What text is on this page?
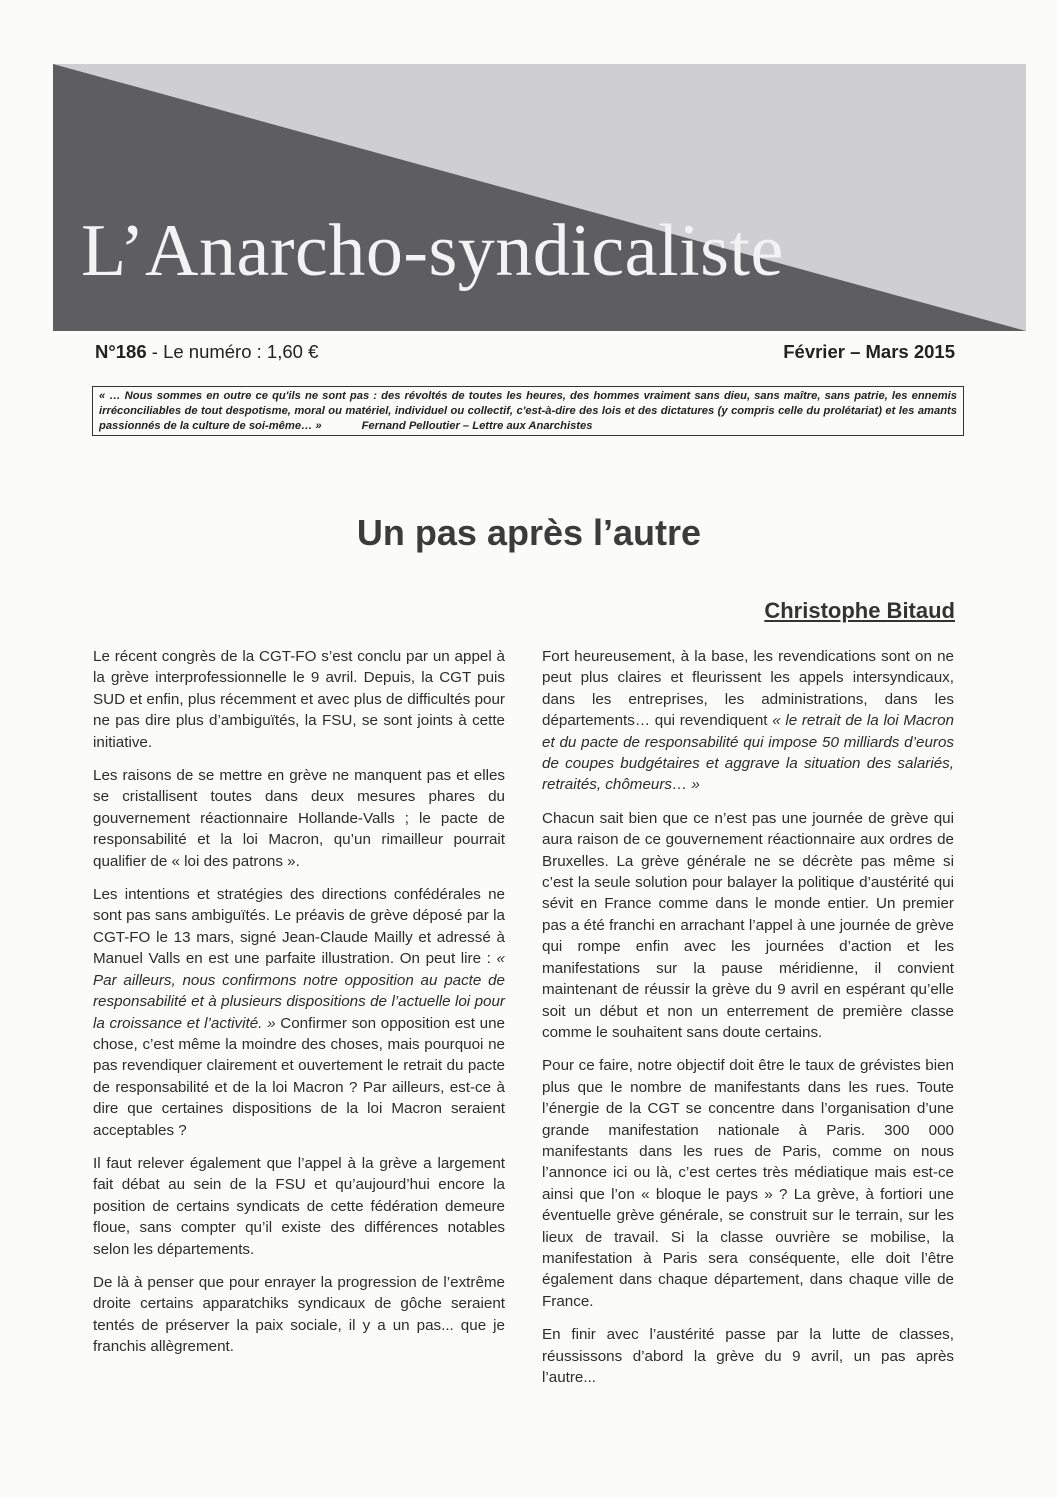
L’Anarcho-syndicaliste
N°186 - Le numéro : 1,60 €	Février – Mars 2015
« … Nous sommes en outre ce qu'ils ne sont pas : des révoltés de toutes les heures, des hommes vraiment sans dieu, sans maître, sans patrie, les ennemis irréconciliables de tout despotisme, moral ou matériel, individuel ou collectif, c'est-à-dire des lois et des dictatures (y compris celle du prolétariat) et les amants passionnés de la culture de soi-même… »	Fernand Pelloutier – Lettre aux Anarchistes
Un pas après l’autre
Christophe Bitaud

Le récent congrès de la CGT-FO s’est conclu par un appel à la grève interprofessionnelle le 9 avril. Depuis, la CGT puis SUD et enfin, plus récemment et avec plus de difficultés pour ne pas dire plus d’ambiguïtés, la FSU, se sont joints à cette initiative.

Les raisons de se mettre en grève ne manquent pas et elles se cristallisent toutes dans deux mesures phares du gouvernement réactionnaire Hollande-Valls ; le pacte de responsabilité et la loi Macron, qu’un rimailleur pourrait qualifier de « loi des patrons ».

Les intentions et stratégies des directions confédérales ne sont pas sans ambiguïtés. Le préavis de grève déposé par la CGT-FO le 13 mars, signé Jean-Claude Mailly et adressé à Manuel Valls en est une parfaite illustration. On peut lire : « Par ailleurs, nous confirmons notre opposition au pacte de responsabilité et à plusieurs dispositions de l’actuelle loi pour la croissance et l’activité. » Confirmer son opposition est une chose, c’est même la moindre des choses, mais pourquoi ne pas revendiquer clairement et ouvertement le retrait du pacte de responsabilité et de la loi Macron ? Par ailleurs, est-ce à dire que certaines dispositions de la loi Macron seraient acceptables ?

Il faut relever également que l’appel à la grève a largement fait débat au sein de la FSU et qu’aujourd’hui encore la position de certains syndicats de cette fédération demeure floue, sans compter qu’il existe des différences notables selon les départements.

De là à penser que pour enrayer la progression de l’extrême droite certains apparatchiks syndicaux de gôche seraient tentés de préserver la paix sociale, il y a un pas... que je franchis allègrement.

Fort heureusement, à la base, les revendications sont on ne peut plus claires et fleurissent les appels intersyndicaux, dans les entreprises, les administrations, dans les départements… qui revendiquent « le retrait de la loi Macron et du pacte de responsabilité qui impose 50 milliards d’euros de coupes budgétaires et aggrave la situation des salariés, retraités, chômeurs… »

Chacun sait bien que ce n’est pas une journée de grève qui aura raison de ce gouvernement réactionnaire aux ordres de Bruxelles. La grève générale ne se décrète pas même si c’est la seule solution pour balayer la politique d’austérité qui sévit en France comme dans le monde entier. Un premier pas a été franchi en arrachant l’appel à une journée de grève qui rompe enfin avec les journées d’action et les manifestations sur la pause méridienne, il convient maintenant de réussir la grève du 9 avril en espérant qu’elle soit un début et non un enterrement de première classe comme le souhaitent sans doute certains.

Pour ce faire, notre objectif doit être le taux de grévistes bien plus que le nombre de manifestants dans les rues. Toute l’énergie de la CGT se concentre dans l’organisation d’une grande manifestation nationale à Paris. 300 000 manifestants dans les rues de Paris, comme on nous l’annonce ici ou là, c’est certes très médiatique mais est-ce ainsi que l’on « bloque le pays » ? La grève, à fortiori une éventuelle grève générale, se construit sur le terrain, sur les lieux de travail. Si la classe ouvrière se mobilise, la manifestation à Paris sera conséquente, elle doit l’être également dans chaque département, dans chaque ville de France.

En finir avec l’austérité passe par la lutte de classes, réussissons d’abord la grève du 9 avril, un pas après l’autre...
